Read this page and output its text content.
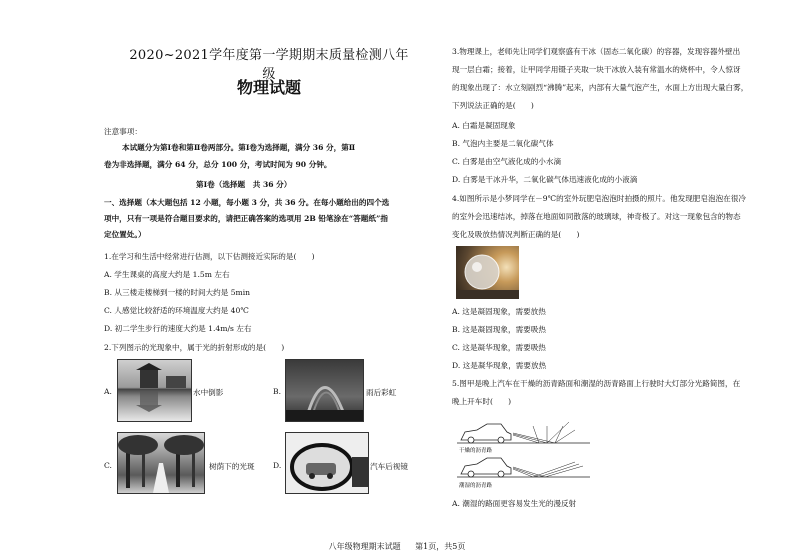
2020~2021学年度第一学期期末质量检测八年级
物理试题
注意事项：
本试题分为第Ⅰ卷和第Ⅱ卷两部分。第Ⅰ卷为选择题，满分 36 分，第Ⅱ
卷为非选择题，满分 64 分，总分 100 分，考试时间为 90 分钟。
第Ⅰ卷（选择题　共 36 分）
一、选择题（本大题包括 12 小题，每小题 3 分，共 36 分。在每小题给出的四个选
项中，只有一项是符合题目要求的，请把正确答案的选项用 2B 铅笔涂在“答题纸”指
定位置处。）
1.在学习和生活中经常进行估测，以下估测接近实际的是(　　)
A. 学生课桌的高度大约是 1.5m 左右
B. 从三楼走楼梯到一楼的时间大约是 5min
C. 人感觉比较舒适的环境温度大约是 40℃
D. 初二学生步行的速度大约是 1.4m/s 左右
2.下列图示的光现象中，属于光的折射形成的是(　　)
A.	水中倒影	B.	雨后彩虹
C.	树荫下的光斑 D.	汽车后视镜
3.物理课上，老师先让同学们观察盛有干冰（固态二氧化碳）的容器，发现容器外壁出
现一层白霜；接着，让甲同学用镊子夹取一块干冰放入装有常温水的烧杯中，令人惊讶
的现象出现了：水立刻剧烈“沸腾”起来，内部有大量气泡产生，水面上方出现大量白雾，
下列说法正确的是(　　)
A. 白霜是凝固现象
B. 气泡内主要是二氧化碳气体
C. 白雾是由空气液化成的小水滴
D. 白雾是干冰升华，二氧化碳气体迅速液化成的小液滴
4.如图所示是小梦同学在－9℃的室外玩肥皂泡泡时拍摄的照片。他发现肥皂泡泡在很冷
的室外会迅速结冰，掉落在地面如同散落的玻璃球，神奇极了。对这一现象包含的物态
变化及吸放热情况判断正确的是(　　)
A. 这是凝固现象，需要放热
B. 这是凝固现象，需要吸热
C. 这是凝华现象，需要吸热
D. 这是凝华现象，需要放热
5.图甲是晚上汽车在干燥的沥青路面和潮湿的沥青路面上行驶时大灯部分光路简图，在
晚上开车时(　　)
A. 潮湿的路面更容易发生光的漫反射
干燥的沥青路
潮湿的沥青路
八年级物理期末试题 第1页，共5页
